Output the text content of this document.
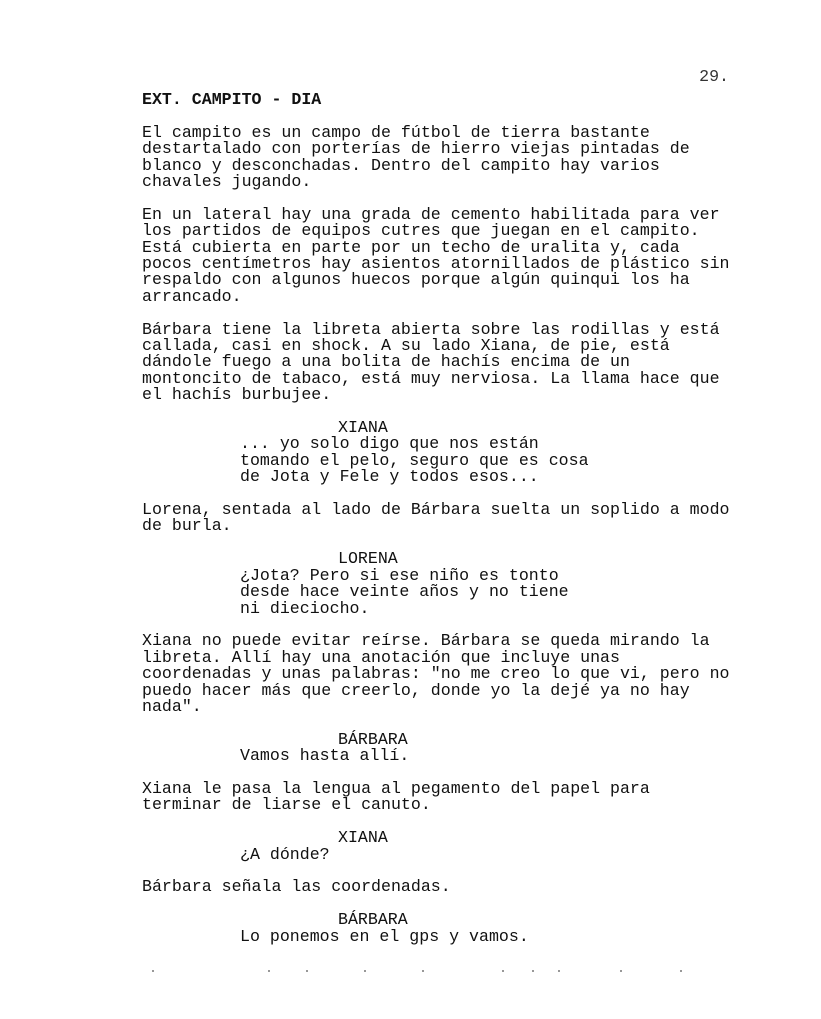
29.
EXT. CAMPITO - DIA
El campito es un campo de fútbol de tierra bastante
destartalado con porterías de hierro viejas pintadas de
blanco y desconchadas. Dentro del campito hay varios
chavales jugando.
En un lateral hay una grada de cemento habilitada para ver
los partidos de equipos cutres que juegan en el campito.
Está cubierta en parte por un techo de uralita y, cada
pocos centímetros hay asientos atornillados de plástico sin
respaldo con algunos huecos porque algún quinqui los ha
arrancado.
Bárbara tiene la libreta abierta sobre las rodillas y está
callada, casi en shock. A su lado Xiana, de pie, está
dándole fuego a una bolita de hachís encima de un
montoncito de tabaco, está muy nerviosa. La llama hace que
el hachís burbujee.
XIANA
... yo solo digo que nos están
tomando el pelo, seguro que es cosa
de Jota y Fele y todos esos...
Lorena, sentada al lado de Bárbara suelta un soplido a modo
de burla.
LORENA
¿Jota? Pero si ese niño es tonto
desde hace veinte años y no tiene
ni dieciocho.
Xiana no puede evitar reírse. Bárbara se queda mirando la
libreta. Allí hay una anotación que incluye unas
coordenadas y unas palabras: "no me creo lo que vi, pero no
puedo hacer más que creerlo, donde yo la dejé ya no hay
nada".
BÁRBARA
Vamos hasta allí.
Xiana le pasa la lengua al pegamento del papel para
terminar de liarse el canuto.
XIANA
¿A dónde?
Bárbara señala las coordenadas.
BÁRBARA
Lo ponemos en el gps y vamos.
